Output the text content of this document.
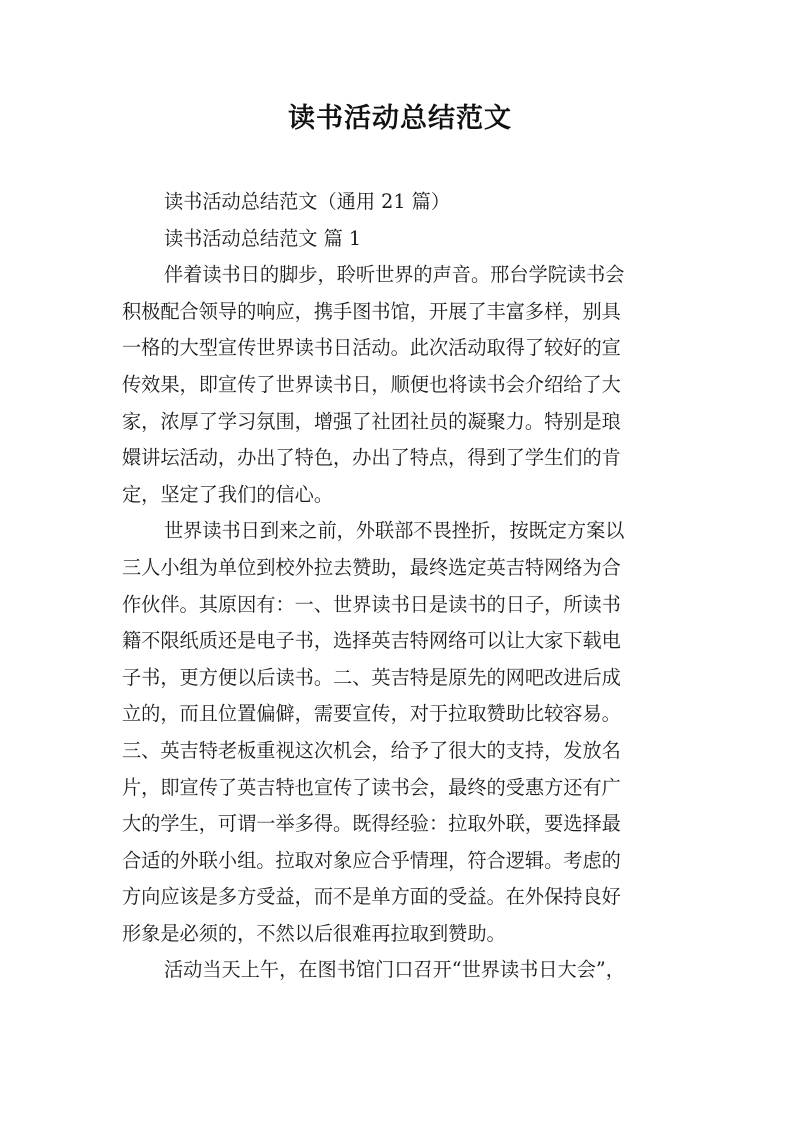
读书活动总结范文
读书活动总结范文（通用 21 篇）
读书活动总结范文 篇 1
伴着读书日的脚步，聆听世界的声音。邢台学院读书会
积极配合领导的响应，携手图书馆，开展了丰富多样，别具
一格的大型宣传世界读书日活动。此次活动取得了较好的宣
传效果，即宣传了世界读书日，顺便也将读书会介绍给了大
家，浓厚了学习氛围，增强了社团社员的凝聚力。特别是琅
嬛讲坛活动，办出了特色，办出了特点，得到了学生们的肯
定，坚定了我们的信心。
世界读书日到来之前，外联部不畏挫折，按既定方案以
三人小组为单位到校外拉去赞助，最终选定英吉特网络为合
作伙伴。其原因有：一、世界读书日是读书的日子，所读书
籍不限纸质还是电子书，选择英吉特网络可以让大家下载电
子书，更方便以后读书。二、英吉特是原先的网吧改进后成
立的，而且位置偏僻，需要宣传，对于拉取赞助比较容易。
三、英吉特老板重视这次机会，给予了很大的支持，发放名
片，即宣传了英吉特也宣传了读书会，最终的受惠方还有广
大的学生，可谓一举多得。既得经验：拉取外联，要选择最
合适的外联小组。拉取对象应合乎情理，符合逻辑。考虑的
方向应该是多方受益，而不是单方面的受益。在外保持良好
形象是必须的，不然以后很难再拉取到赞助。
活动当天上午，在图书馆门口召开“世界读书日大会”，
